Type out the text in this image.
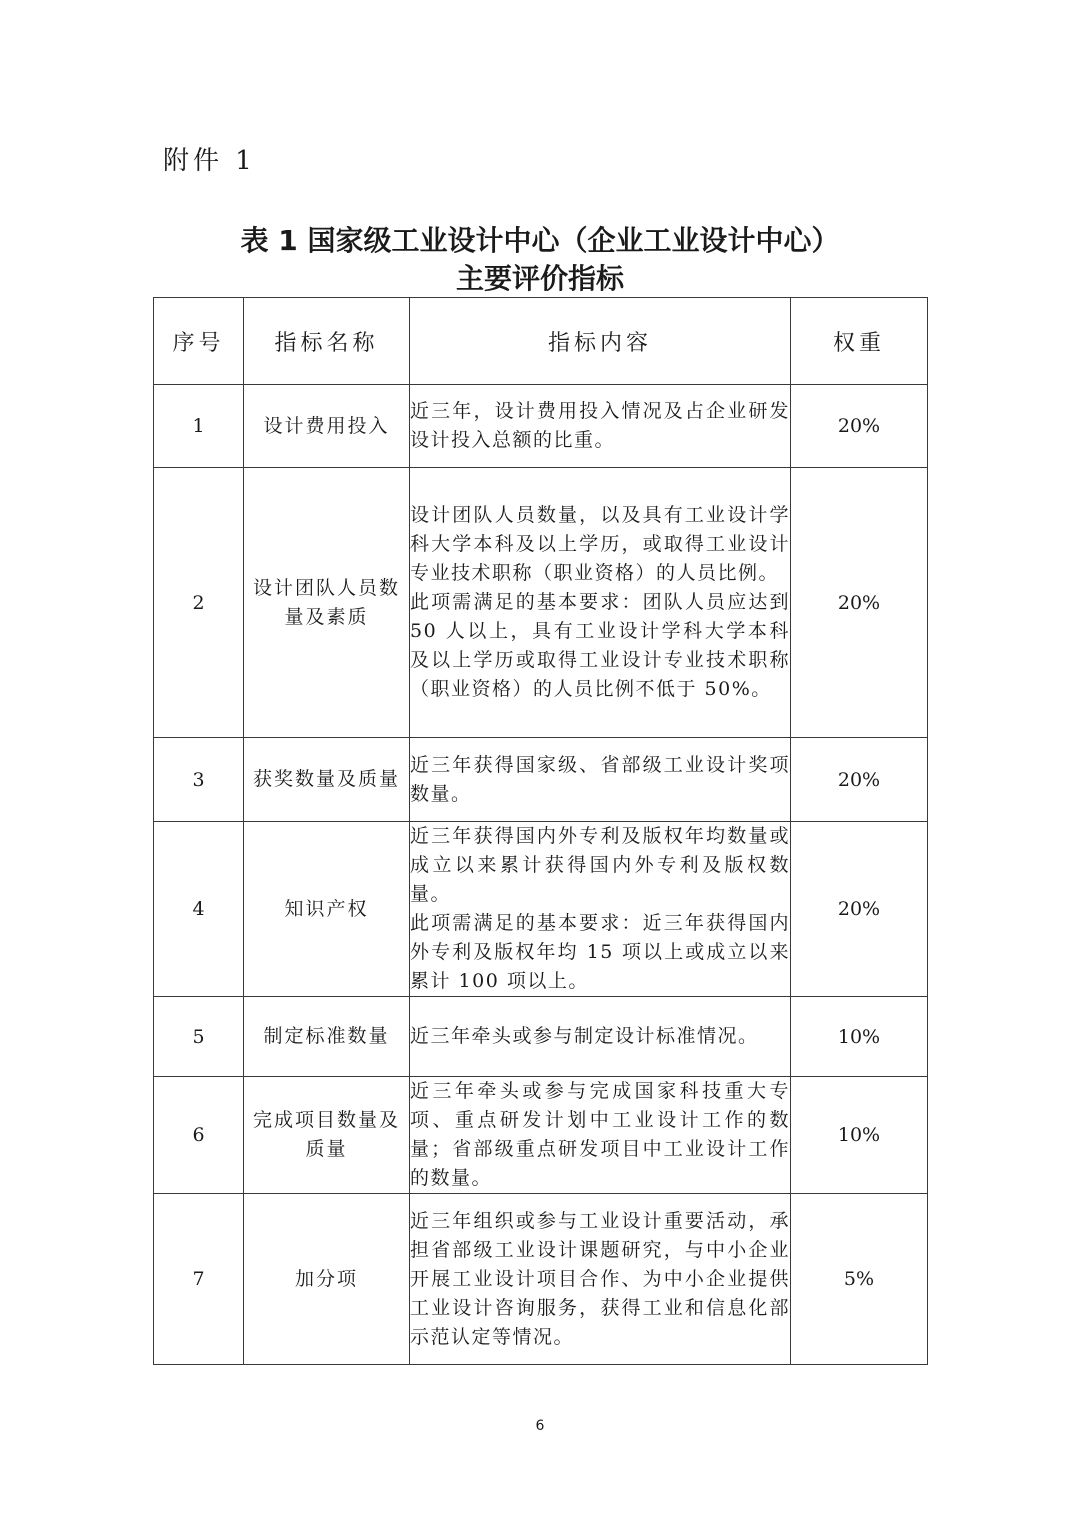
附件 1
表 1 国家级工业设计中心（企业工业设计中心）
主要评价指标
序号	指标名称	指标内容	权重
1	设计费用投入	近三年，设计费用投入情况及占企业研发设计投入总额的比重。	20%
2	设计团队人员数量及素质	设计团队人员数量，以及具有工业设计学科大学本科及以上学历，或取得工业设计专业技术职称（职业资格）的人员比例。

此项需满足的基本要求：团队人员应达到 50 人以上，具有工业设计学科大学本科及以上学历或取得工业设计专业技术职称（职业资格）的人员比例不低于 50%。	20%
3	获奖数量及质量	近三年获得国家级、省部级工业设计奖项数量。	20%
4	知识产权	近三年获得国内外专利及版权年均数量或成立以来累计获得国内外专利及版权数量。

此项需满足的基本要求：近三年获得国内外专利及版权年均 15 项以上或成立以来累计 100 项以上。	20%
5	制定标准数量	近三年牵头或参与制定设计标准情况。	10%
6	完成项目数量及质量	近三年牵头或参与完成国家科技重大专项、重点研发计划中工业设计工作的数量；省部级重点研发项目中工业设计工作的数量。	10%
7	加分项	近三年组织或参与工业设计重要活动，承担省部级工业设计课题研究，与中小企业开展工业设计项目合作、为中小企业提供工业设计咨询服务，获得工业和信息化部示范认定等情况。	5%
6
